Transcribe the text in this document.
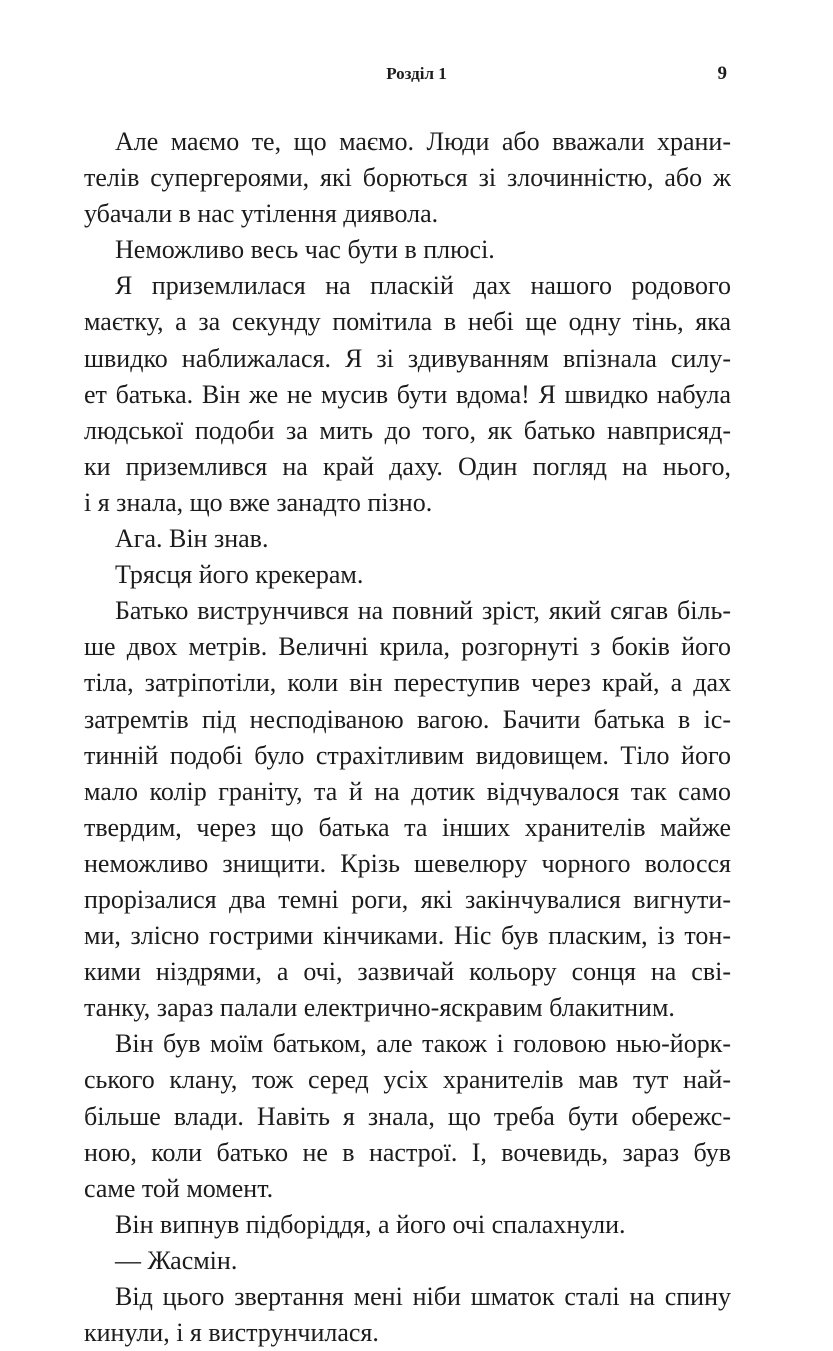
Розділ 1	9
Але маємо те, що маємо. Люди або вважали храни-
телів супергероями, які борються зі злочинністю, або ж
убачали в нас утілення диявола.
Неможливо весь час бути в плюсі.
Я приземлилася на пласкій дах нашого родового
маєтку, а за секунду помітила в небі ще одну тінь, яка
швидко наближалася. Я зі здивуванням впізнала силу-
ет батька. Він же не мусив бути вдома! Я швидко набула
людської подоби за мить до того, як батько навприсяд-
ки приземлився на край даху. Один погляд на нього,
і я знала, що вже занадто пізно.
Ага. Він знав.
Трясця його крекерам.
Батько виструнчився на повний зріст, який сягав біль-
ше двох метрів. Величні крила, розгорнуті з боків його
тіла, затріпотіли, коли він переступив через край, а дах
затремтів під несподіваною вагою. Бачити батька в іс-
тинній подобі було страхітливим видовищем. Тіло його
мало колір граніту, та й на дотик відчувалося так само
твердим, через що батька та інших хранителів майже
неможливо знищити. Крізь шевелюру чорного волосся
прорізалися два темні роги, які закінчувалися вигнути-
ми, злісно гострими кінчиками. Ніс був пласким, із тон-
кими ніздрями, а очі, зазвичай кольору сонця на сві-
танку, зараз палали електрично-яскравим блакитним.
Він був моїм батьком, але також і головою нью-йорк-
ського клану, тож серед усіх хранителів мав тут най-
більше влади. Навіть я знала, що треба бути обережс-
ною, коли батько не в настрої. І, вочевидь, зараз був
саме той момент.
Він випнув підборіддя, а його очі спалахнули.
— Жасмін.
Від цього звертання мені ніби шматок сталі на спину
кинули, і я виструнчилася.
